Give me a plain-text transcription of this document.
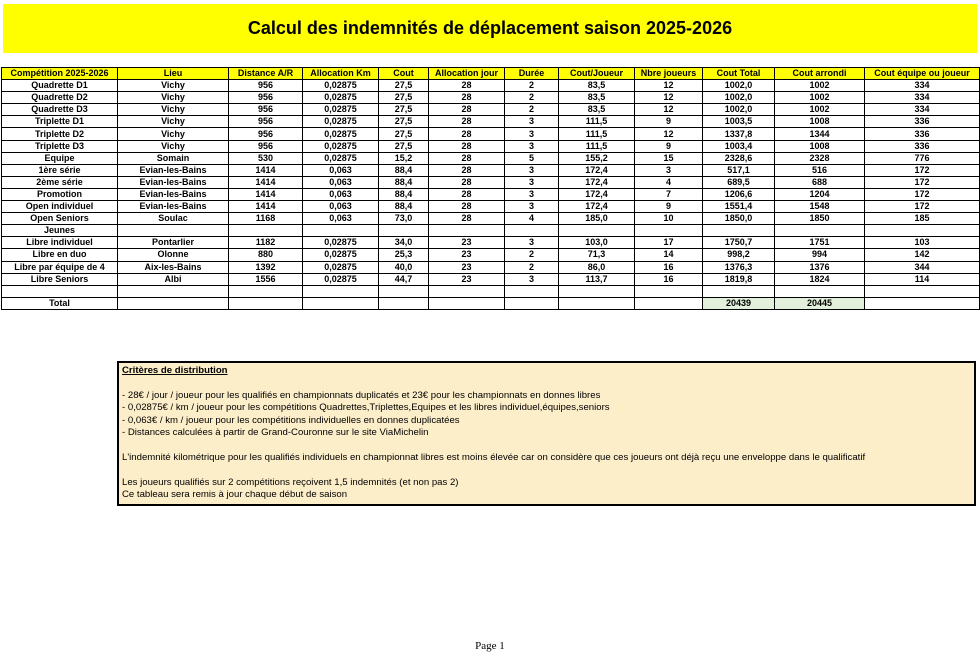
Calcul des indemnités de déplacement saison 2025-2026
Compétition 2025-2026	Lieu	Distance A/R	Allocation Km	Cout	Allocation jour	Durée	Cout/Joueur	Nbre joueurs	Cout Total	Cout arrondi	Cout équipe ou joueur
Quadrette D1	Vichy	956	0,02875	27,5	28	2	83,5	12	1002,0	1002	334
Quadrette D2	Vichy	956	0,02875	27,5	28	2	83,5	12	1002,0	1002	334
Quadrette D3	Vichy	956	0,02875	27,5	28	2	83,5	12	1002,0	1002	334
Triplette D1	Vichy	956	0,02875	27,5	28	3	111,5	9	1003,5	1008	336
Triplette D2	Vichy	956	0,02875	27,5	28	3	111,5	12	1337,8	1344	336
Triplette D3	Vichy	956	0,02875	27,5	28	3	111,5	9	1003,4	1008	336
Equipe	Somain	530	0,02875	15,2	28	5	155,2	15	2328,6	2328	776
1ère série	Evian-les-Bains	1414	0,063	88,4	28	3	172,4	3	517,1	516	172
2ème série	Evian-les-Bains	1414	0,063	88,4	28	3	172,4	4	689,5	688	172
Promotion	Evian-les-Bains	1414	0,063	88,4	28	3	172,4	7	1206,6	1204	172
Open individuel	Evian-les-Bains	1414	0,063	88,4	28	3	172,4	9	1551,4	1548	172
Open Seniors	Soulac	1168	0,063	73,0	28	4	185,0	10	1850,0	1850	185
Jeunes											
Libre individuel	Pontarlier	1182	0,02875	34,0	23	3	103,0	17	1750,7	1751	103
Libre en duo	Olonne	880	0,02875	25,3	23	2	71,3	14	998,2	994	142
Libre par équipe de 4	Aix-les-Bains	1392	0,02875	40,0	23	2	86,0	16	1376,3	1376	344
Libre Seniors	Albi	1556	0,02875	44,7	23	3	113,7	16	1819,8	1824	114

Total									20439	20445	
Critères de distribution
- 28€ / jour / joueur pour les qualifiés en championnats duplicatés et 23€ pour les championnats en donnes libres
- 0,02875€ / km / joueur pour les compétitions Quadrettes,Triplettes,Equipes et les libres individuel,équipes,seniors
- 0,063€ / km / joueur pour les compétitions individuelles en donnes duplicatées
- Distances calculées à partir de Grand-Couronne sur le site ViaMichelin
L'indemnité kilométrique pour les qualifiés individuels en championnat libres est moins élevée car on considère que ces joueurs ont déjà reçu une enveloppe dans le qualificatif
Les joueurs qualifiés sur 2 compétitions reçoivent 1,5 indemnités (et non pas 2)
Ce tableau sera remis à jour chaque début de saison
Page 1
